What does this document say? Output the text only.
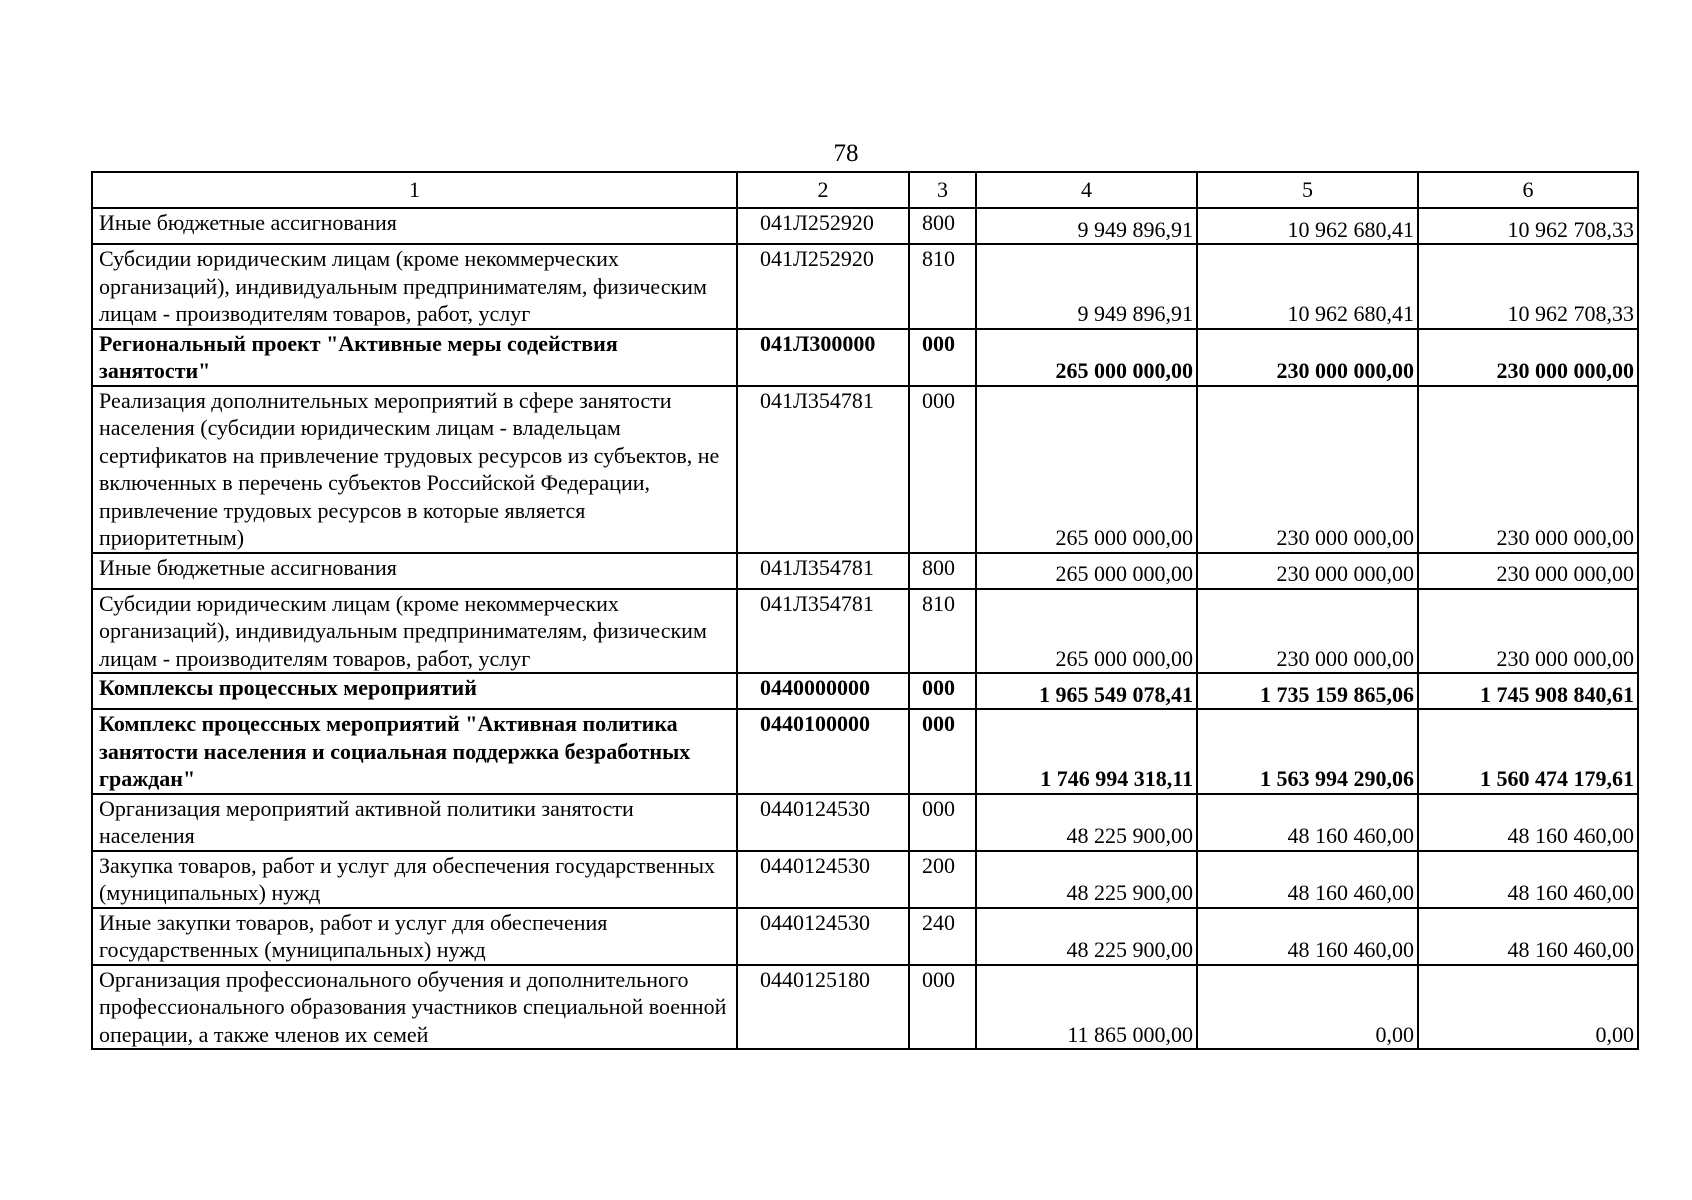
78
1	2	3	4	5	6
Иные бюджетные ассигнования	041Л252920	800	9 949 896,91	10 962 680,41	10 962 708,33
Субсидии юридическим лицам (кроме некоммерческих организаций), индивидуальным предпринимателям, физическим лицам - производителям товаров, работ, услуг	041Л252920	810	9 949 896,91	10 962 680,41	10 962 708,33
Региональный проект "Активные меры содействия занятости"	041Л300000	000	265 000 000,00	230 000 000,00	230 000 000,00
Реализация дополнительных мероприятий в сфере занятости населения (субсидии юридическим лицам - владельцам сертификатов на привлечение трудовых ресурсов из субъектов, не включенных в перечень субъектов Российской Федерации, привлечение трудовых ресурсов в которые является приоритетным)	041Л354781	000	265 000 000,00	230 000 000,00	230 000 000,00
Иные бюджетные ассигнования	041Л354781	800	265 000 000,00	230 000 000,00	230 000 000,00
Субсидии юридическим лицам (кроме некоммерческих организаций), индивидуальным предпринимателям, физическим лицам - производителям товаров, работ, услуг	041Л354781	810	265 000 000,00	230 000 000,00	230 000 000,00
Комплексы процессных мероприятий	0440000000	000	1 965 549 078,41	1 735 159 865,06	1 745 908 840,61
Комплекс процессных мероприятий "Активная политика занятости населения и социальная поддержка безработных граждан"	0440100000	000	1 746 994 318,11	1 563 994 290,06	1 560 474 179,61
Организация мероприятий активной политики занятости населения	0440124530	000	48 225 900,00	48 160 460,00	48 160 460,00
Закупка товаров, работ и услуг для обеспечения государственных (муниципальных) нужд	0440124530	200	48 225 900,00	48 160 460,00	48 160 460,00
Иные закупки товаров, работ и услуг для обеспечения государственных (муниципальных) нужд	0440124530	240	48 225 900,00	48 160 460,00	48 160 460,00
Организация профессионального обучения и дополнительного профессионального образования участников специальной военной операции, а также членов их семей	0440125180	000	11 865 000,00	0,00	0,00
